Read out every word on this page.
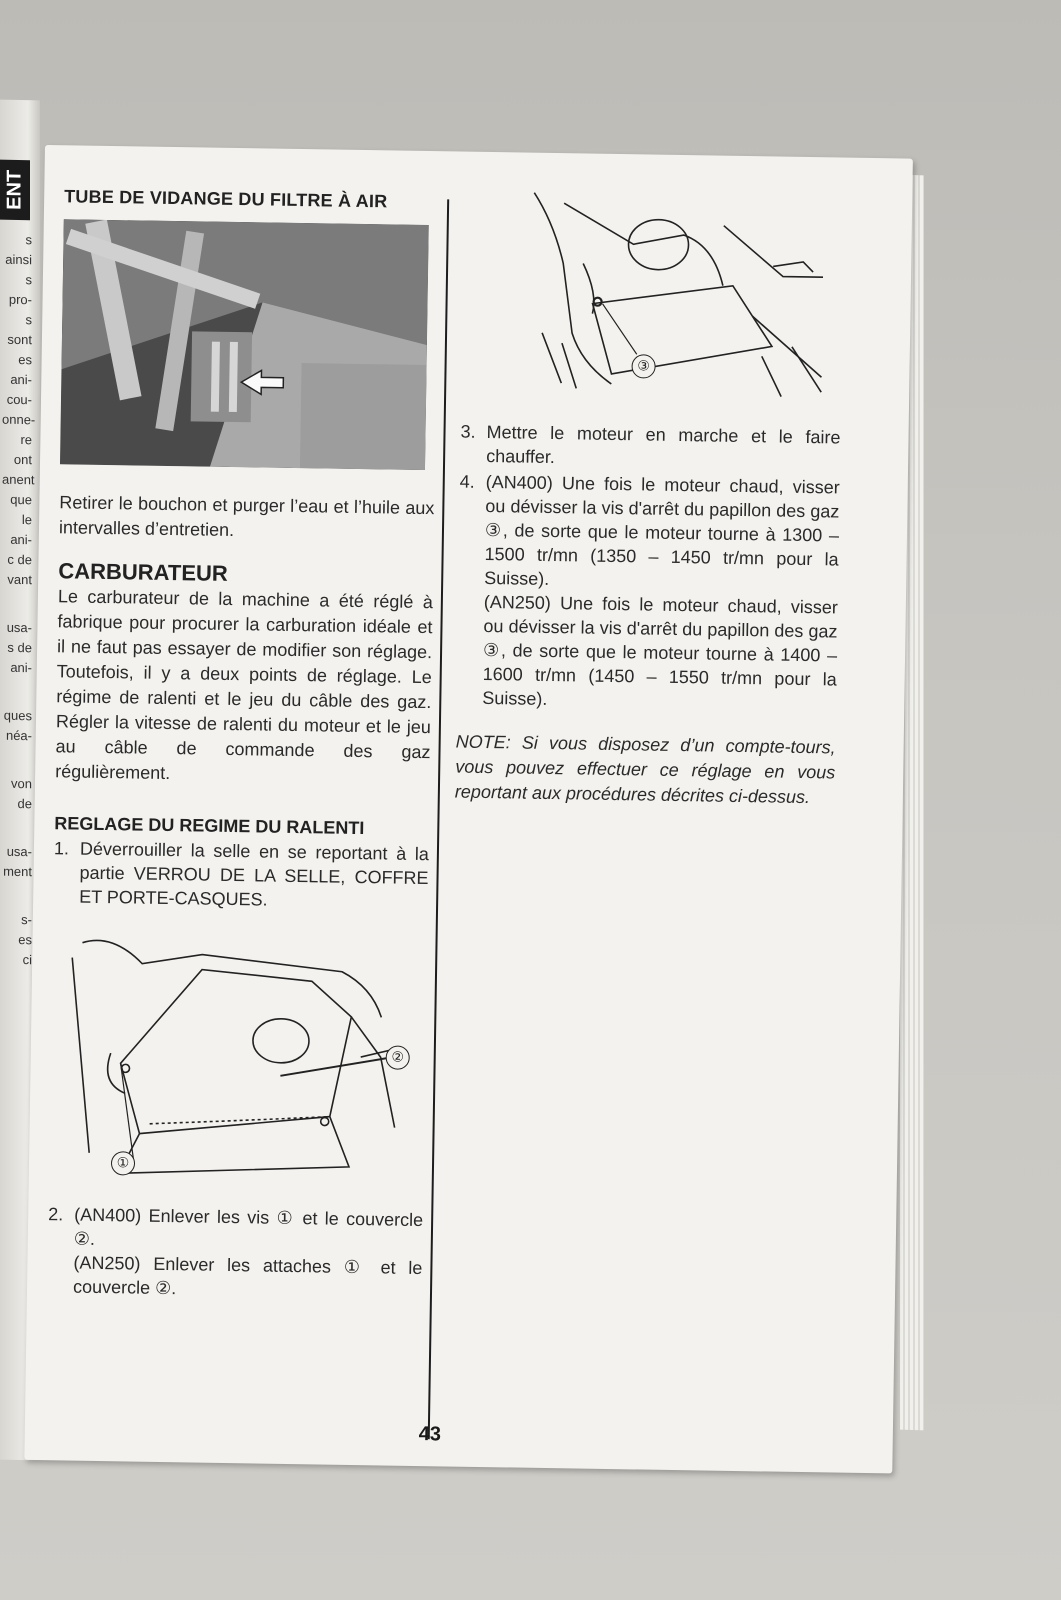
ENT
s ainsi
s pro-
s sont
es ani-
cou-
onne-
re ont
anent
que le
ani-
c de
vant
usa-
s de
ani-
ques
néa-
von
de
usa-
ment
s-
es
ci
TUBE DE VIDANGE DU FILTRE À AIR

Retirer le bouchon et purger l’eau et l’huile aux intervalles d’entretien.

CARBURATEUR

Le carburateur de la machine a été réglé à fabrique pour procurer la carburation idéale et il ne faut pas essayer de modifier son réglage. Toutefois, il y a deux points de réglage. Le régime de ralenti et le jeu du câble des gaz. Régler la vitesse de ralenti du moteur et le jeu au câble de commande des gaz régulièrement.

REGLAGE DU REGIME DU RALENTI
1. Déverrouiller la selle en se reportant à la partie VERROU DE LA SELLE, COFFRE ET PORTE-CASQUES.
②
①
2. (AN400) Enlever les vis ① et le couvercle ②.
(AN250) Enlever les attaches ① et le couvercle ②.
③
3. Mettre le moteur en marche et le faire chauffer.
4. (AN400) Une fois le moteur chaud, visser ou dévisser la vis d'arrêt du papillon des gaz ③, de sorte que le moteur tourne à 1300 – 1500 tr/mn (1350 – 1450 tr/mn pour la Suisse).
(AN250) Une fois le moteur chaud, visser ou dévisser la vis d'arrêt du papillon des gaz ③, de sorte que le moteur tourne à 1400 – 1600 tr/mn (1450 – 1550 tr/mn pour la Suisse).

NOTE: Si vous disposez d’un compte-tours, vous pouvez effectuer ce réglage en vous reportant aux procédures décrites ci-dessus.

43
